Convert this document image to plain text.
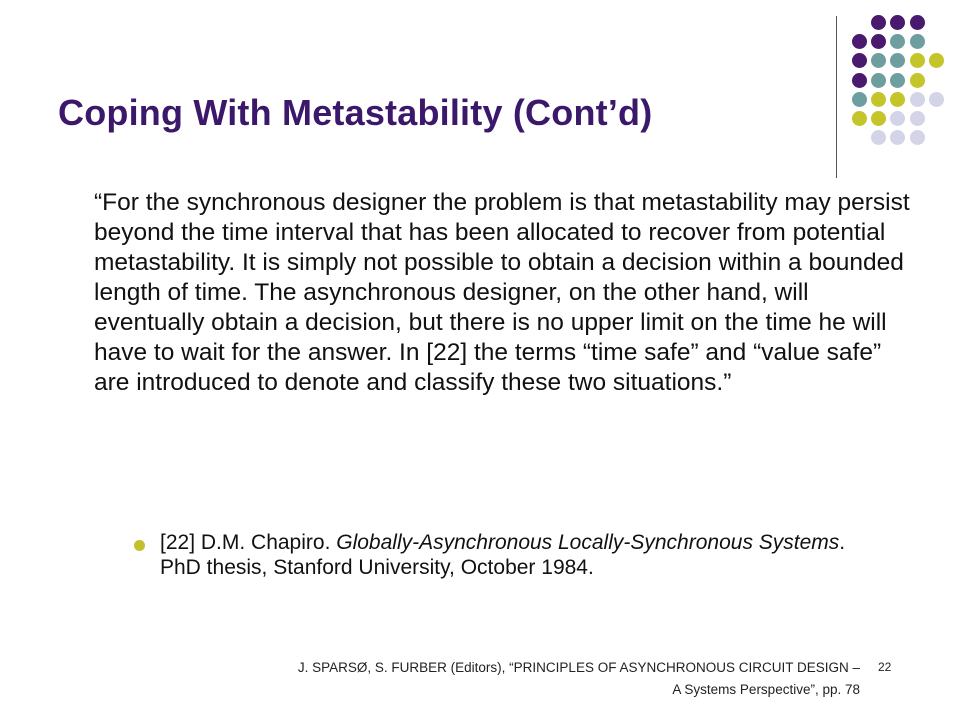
Coping With Metastability (Cont’d)

“For the synchronous designer the problem is that metastability may persist beyond the time interval that has been allocated to recover from potential metastability. It is simply not possible to obtain a decision within a bounded length of time. The asynchronous designer, on the other hand, will eventually obtain a decision, but there is no upper limit on the time he will have to wait for the answer. In [22] the terms “time safe” and “value safe” are introduced to denote and classify these two situations.”

[22] D.M. Chapiro. Globally-Asynchronous Locally-Synchronous Systems. PhD thesis, Stanford University, October 1984.
J. SPARSØ, S. FURBER (Editors), “PRINCIPLES OF ASYNCHRONOUS CIRCUIT DESIGN –
A Systems Perspective”, pp. 78
22
